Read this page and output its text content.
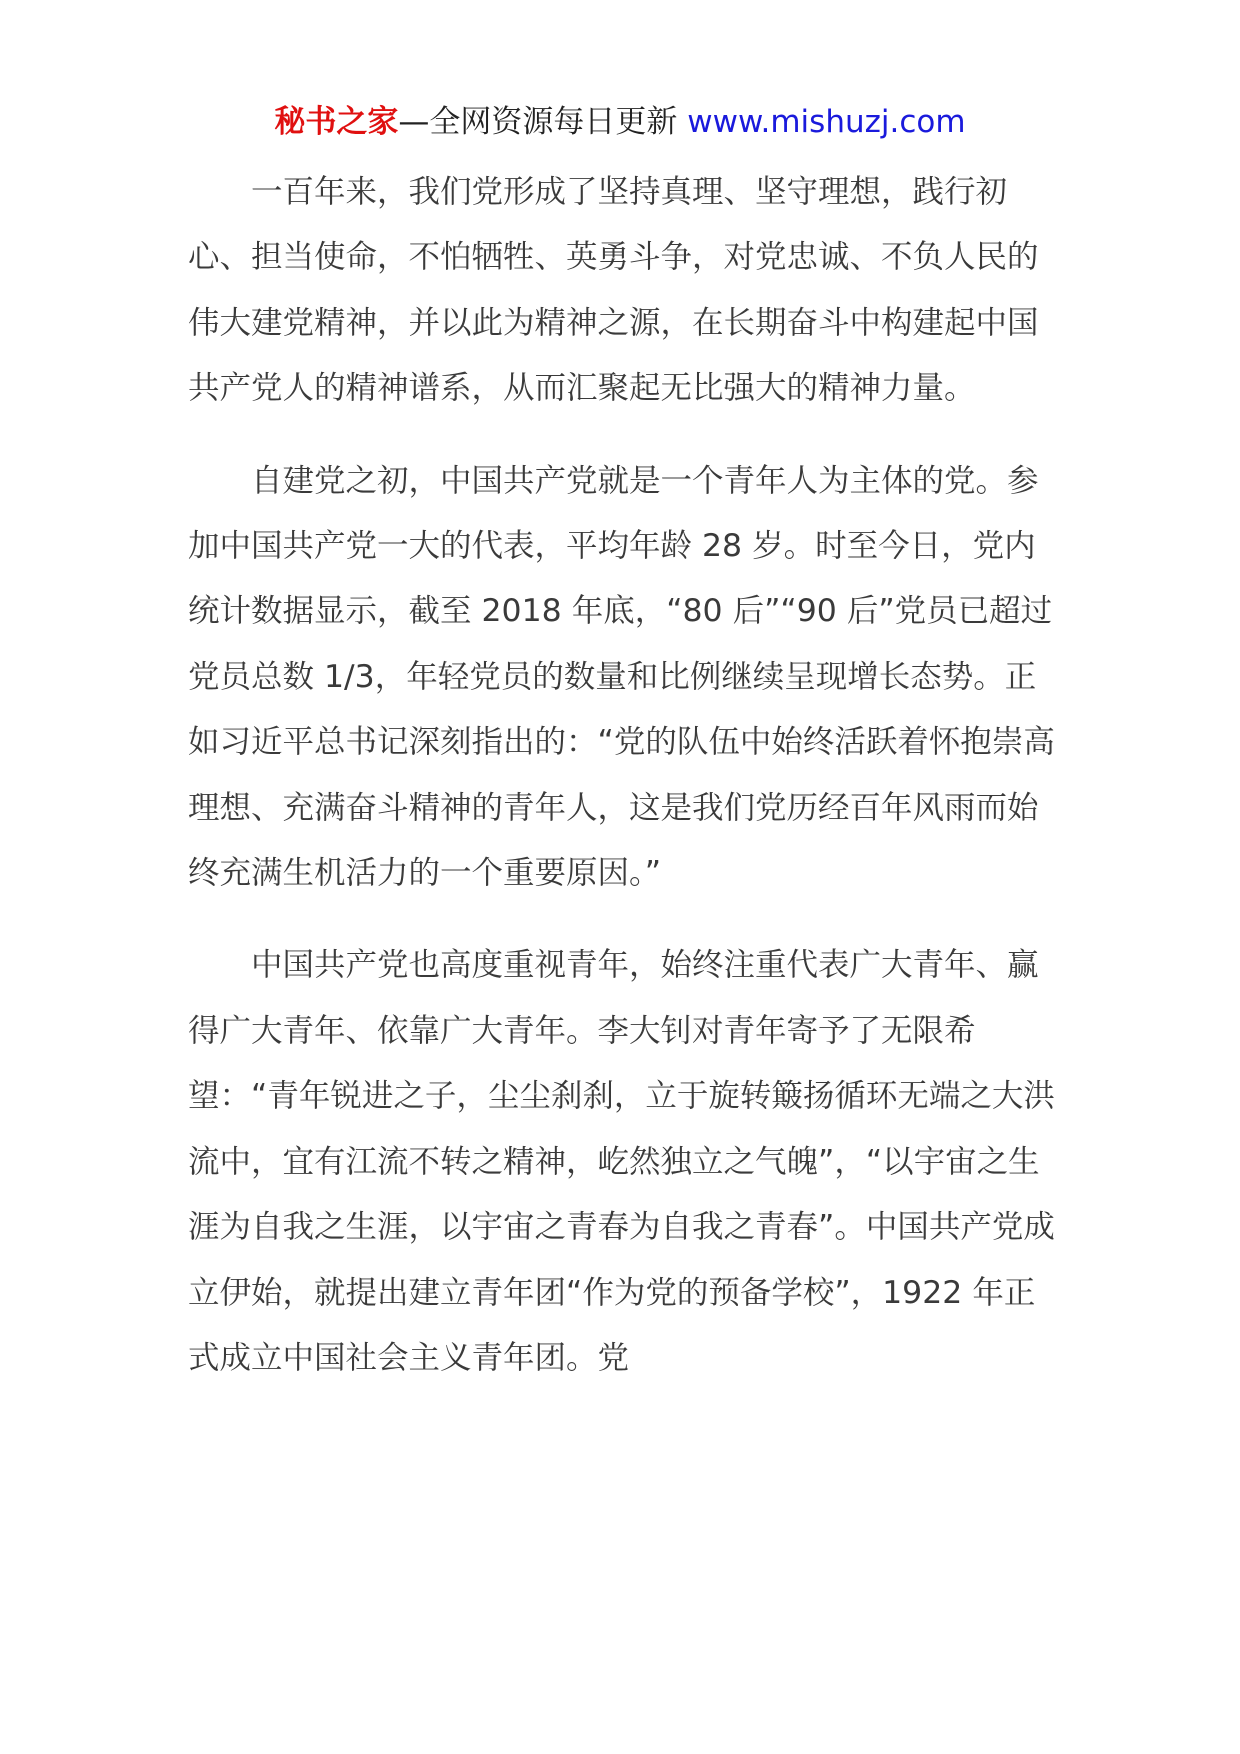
秘书之家—全网资源每日更新 www.mishuzj.com

一百年来，我们党形成了坚持真理、坚守理想，践行初心、担当使命，不怕牺牲、英勇斗争，对党忠诚、不负人民的伟大建党精神，并以此为精神之源，在长期奋斗中构建起中国共产党人的精神谱系，从而汇聚起无比强大的精神力量。

自建党之初，中国共产党就是一个青年人为主体的党。参加中国共产党一大的代表，平均年龄 28 岁。时至今日，党内统计数据显示，截至 2018 年底，“80 后”“90 后”党员已超过党员总数 1/3，年轻党员的数量和比例继续呈现增长态势。正如习近平总书记深刻指出的：“党的队伍中始终活跃着怀抱崇高理想、充满奋斗精神的青年人，这是我们党历经百年风雨而始终充满生机活力的一个重要原因。”

中国共产党也高度重视青年，始终注重代表广大青年、赢得广大青年、依靠广大青年。李大钊对青年寄予了无限希望：“青年锐进之子，尘尘刹刹，立于旋转簸扬循环无端之大洪流中，宜有江流不转之精神，屹然独立之气魄”，“以宇宙之生涯为自我之生涯，以宇宙之青春为自我之青春”。中国共产党成立伊始，就提出建立青年团“作为党的预备学校”，1922 年正式成立中国社会主义青年团。党
